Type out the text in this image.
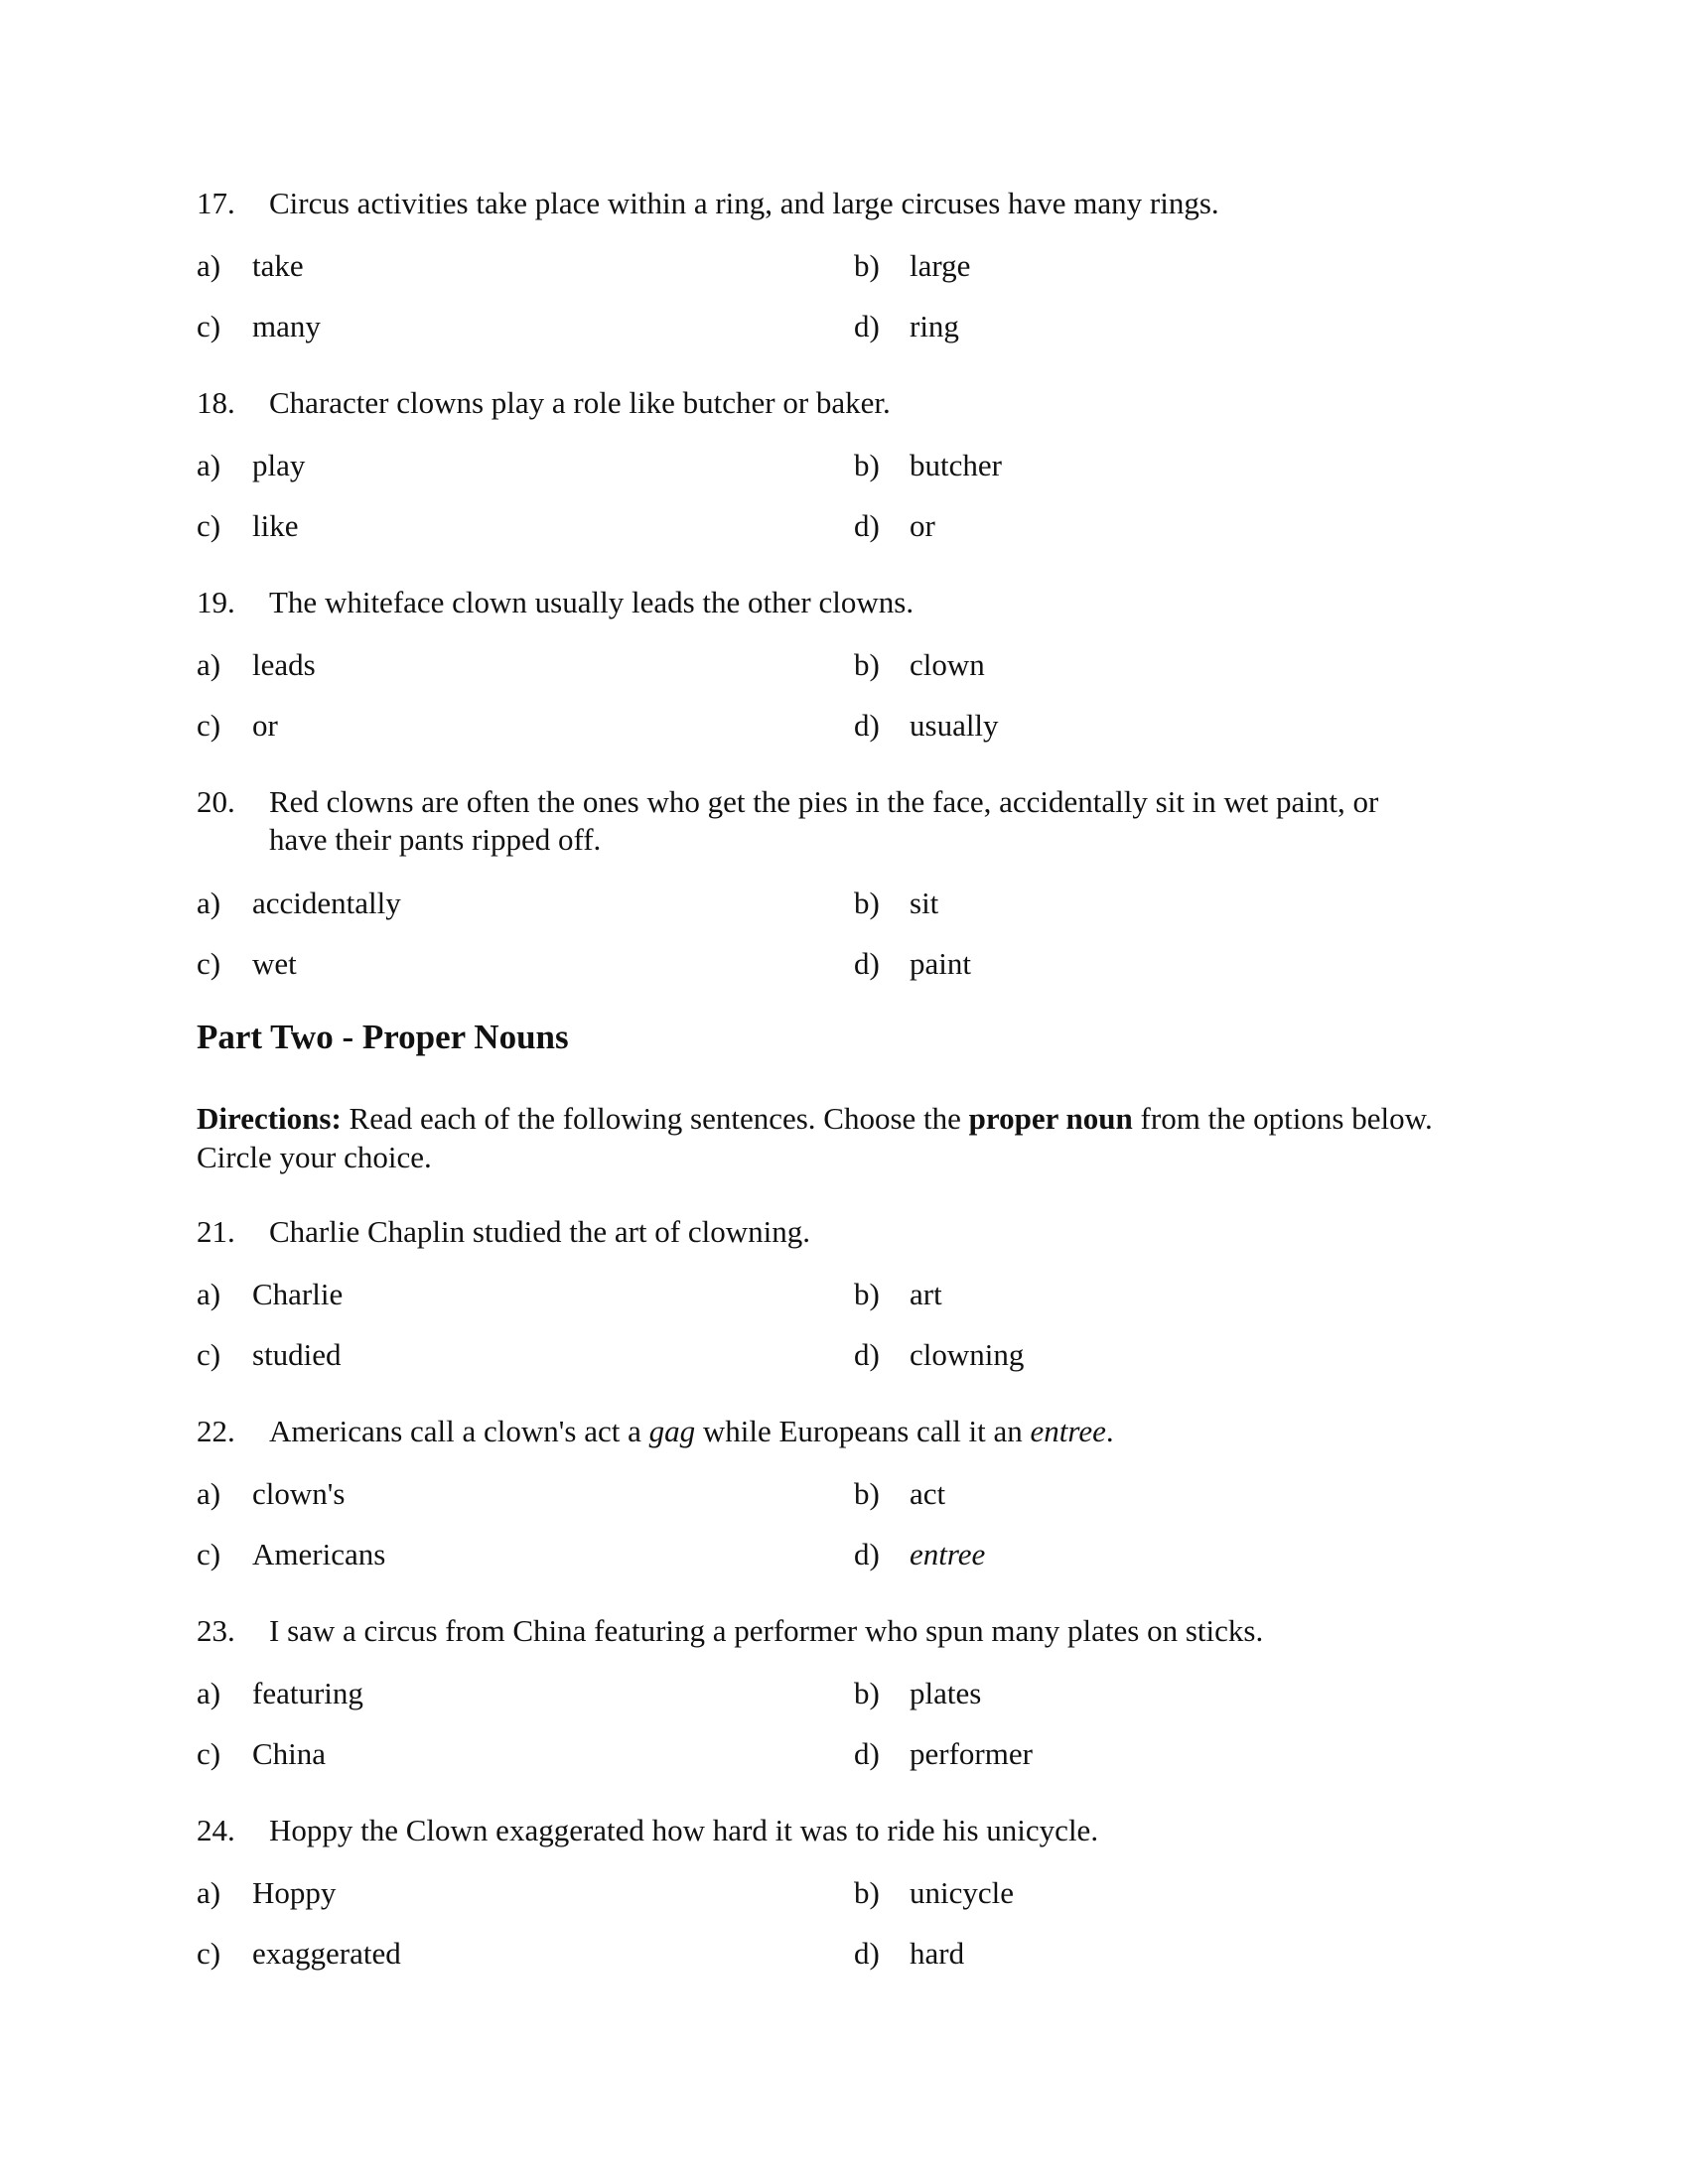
17. Circus activities take place within a ring, and large circuses have many rings.
a) take	b) large
c) many	d) ring
18. Character clowns play a role like butcher or baker.
a) play	b) butcher
c) like	d) or
19. The whiteface clown usually leads the other clowns.
a) leads	b) clown
c) or	d) usually
20. Red clowns are often the ones who get the pies in the face, accidentally sit in wet paint, or
have their pants ripped off.
a) accidentally	b) sit
c) wet	d) paint
Part Two - Proper Nouns
Directions: Read each of the following sentences. Choose the proper noun from the options below. Circle your choice.
21. Charlie Chaplin studied the art of clowning.
a) Charlie	b) art
c) studied	d) clowning
22. Americans call a clown's act a gag while Europeans call it an entree.
a) clown's	b) act
c) Americans	d) entree
23. I saw a circus from China featuring a performer who spun many plates on sticks.
a) featuring	b) plates
c) China	d) performer
24. Hoppy the Clown exaggerated how hard it was to ride his unicycle.
a) Hoppy	b) unicycle
c) exaggerated	d) hard
